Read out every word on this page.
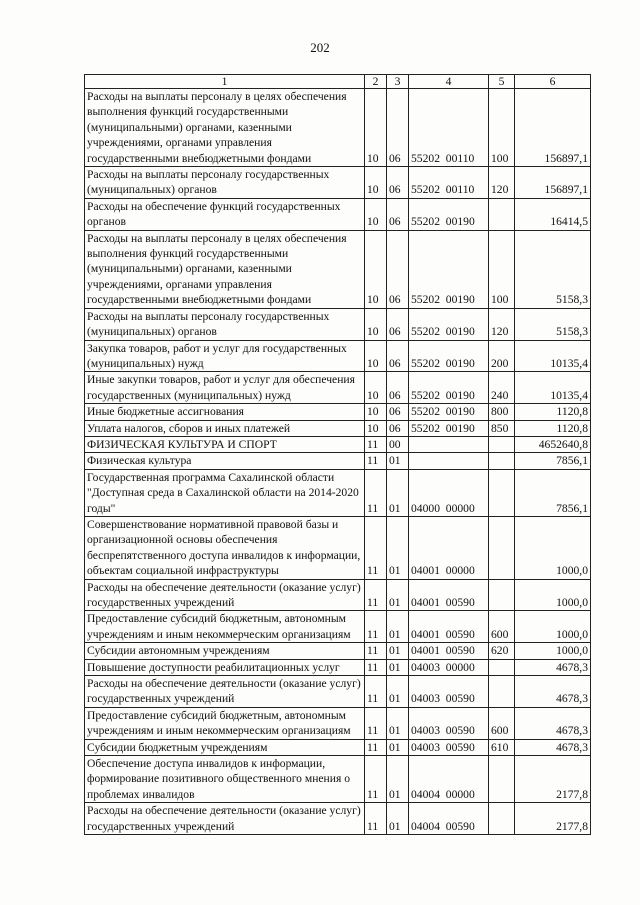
202
1	2	3	4	5	6
Расходы на выплаты персоналу в целях обеспечения выполнения функций государственными (муниципальными) органами, казенными учреждениями, органами управления государственными внебюджетными фондами	10	06	55202  00110	100	156897,1
Расходы на выплаты персоналу государственных (муниципальных) органов	10	06	55202  00110	120	156897,1
Расходы на обеспечение функций государственных органов	10	06	55202  00190		16414,5
Расходы на выплаты персоналу в целях обеспечения выполнения функций государственными (муниципальными) органами, казенными учреждениями, органами управления государственными внебюджетными фондами	10	06	55202  00190	100	5158,3
Расходы на выплаты персоналу государственных (муниципальных) органов	10	06	55202  00190	120	5158,3
Закупка товаров, работ и услуг для государственных (муниципальных) нужд	10	06	55202  00190	200	10135,4
Иные закупки товаров, работ и услуг для обеспечения государственных (муниципальных) нужд	10	06	55202  00190	240	10135,4
Иные бюджетные ассигнования	10	06	55202  00190	800	1120,8
Уплата налогов, сборов и иных платежей	10	06	55202  00190	850	1120,8
ФИЗИЧЕСКАЯ КУЛЬТУРА И СПОРТ	11	00			4652640,8
Физическая культура	11	01			7856,1
Государственная программа Сахалинской области "Доступная среда в Сахалинской области на 2014-2020 годы"	11	01	04000  00000		7856,1
Совершенствование нормативной правовой базы и организационной основы обеспечения беспрепятственного доступа инвалидов к информации, объектам социальной инфраструктуры	11	01	04001  00000		1000,0
Расходы на обеспечение деятельности (оказание услуг) государственных учреждений	11	01	04001  00590		1000,0
Предоставление субсидий бюджетным, автономным учреждениям и иным некоммерческим организациям	11	01	04001  00590	600	1000,0
Субсидии автономным учреждениям	11	01	04001  00590	620	1000,0
Повышение доступности реабилитационных услуг	11	01	04003  00000		4678,3
Расходы на обеспечение деятельности (оказание услуг) государственных учреждений	11	01	04003  00590		4678,3
Предоставление субсидий бюджетным, автономным учреждениям и иным некоммерческим организациям	11	01	04003  00590	600	4678,3
Субсидии бюджетным учреждениям	11	01	04003  00590	610	4678,3
Обеспечение доступа инвалидов к информации, формирование позитивного общественного мнения о проблемах инвалидов	11	01	04004  00000		2177,8
Расходы на обеспечение деятельности (оказание услуг) государственных учреждений	11	01	04004  00590		2177,8
